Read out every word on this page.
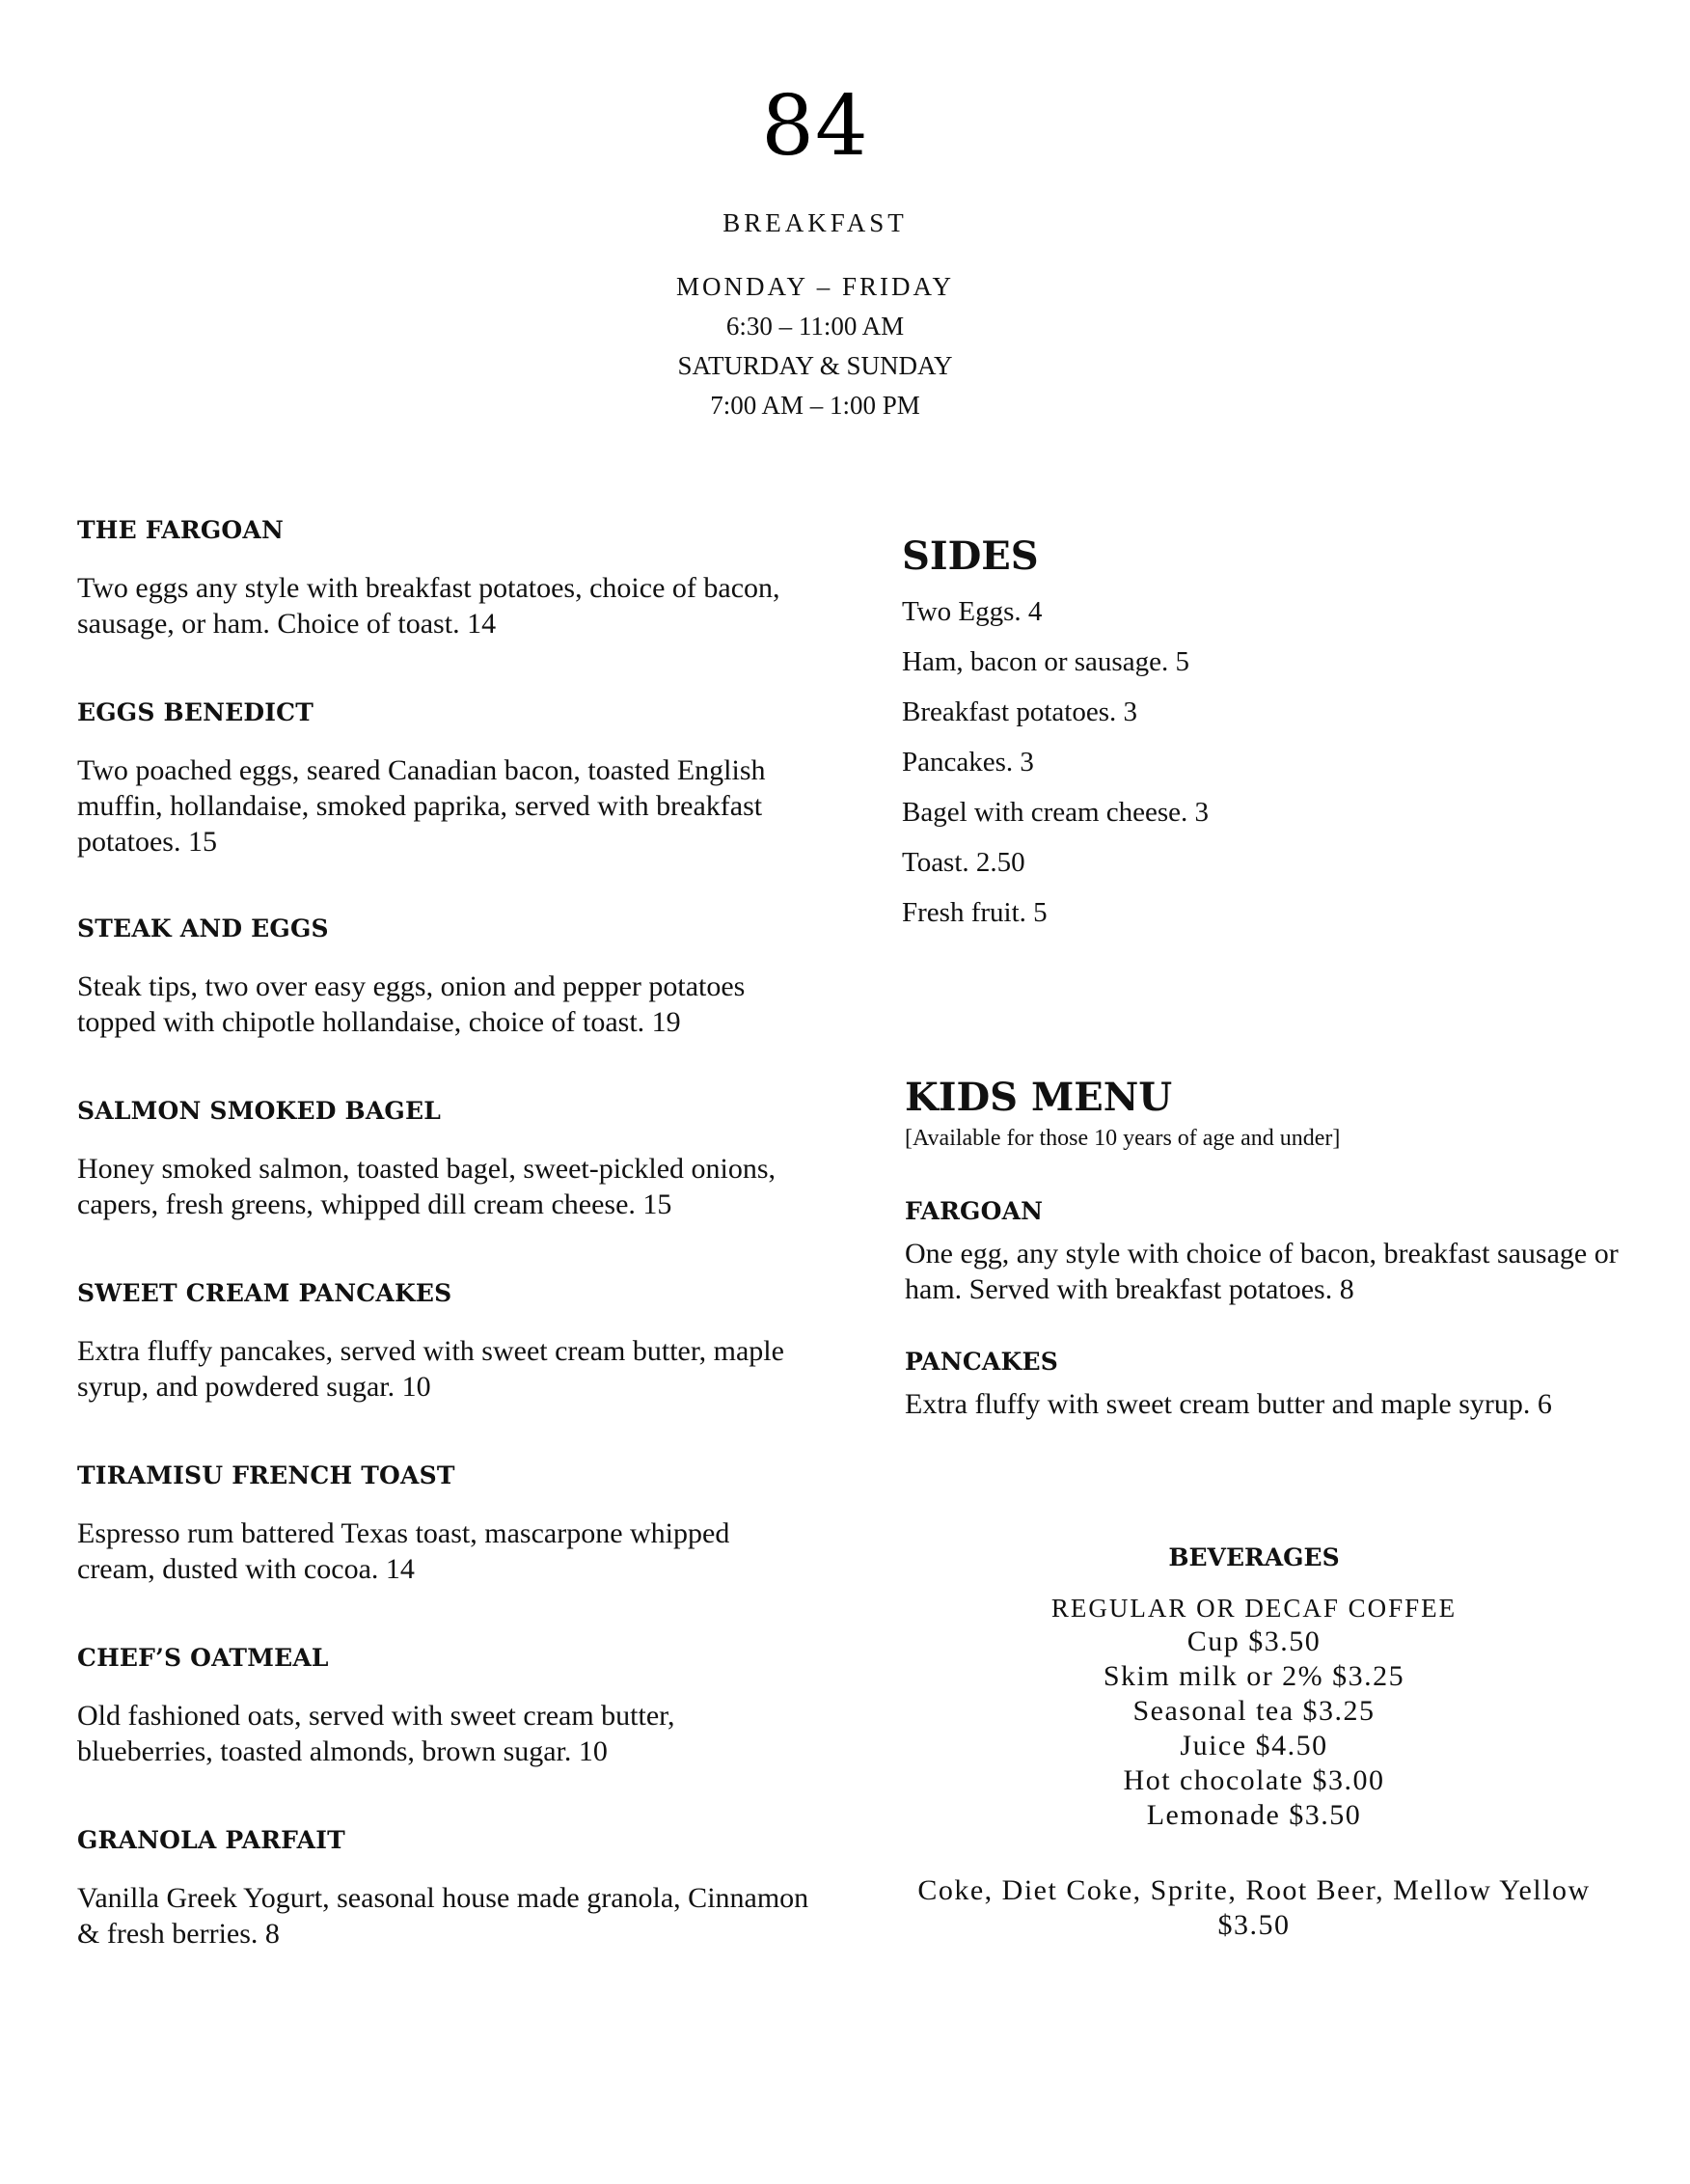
84
BREAKFAST
MONDAY – FRIDAY
6:30 – 11:00 AM
SATURDAY & SUNDAY
7:00 AM – 1:00 PM
THE FARGOAN
Two eggs any style with breakfast potatoes, choice of bacon, sausage, or ham. Choice of toast. 14
EGGS BENEDICT
Two poached eggs, seared Canadian bacon, toasted English muffin, hollandaise, smoked paprika, served with breakfast potatoes. 15
STEAK AND EGGS
Steak tips, two over easy eggs, onion and pepper potatoes topped with chipotle hollandaise, choice of toast. 19
SALMON SMOKED BAGEL
Honey smoked salmon, toasted bagel, sweet-pickled onions, capers, fresh greens, whipped dill cream cheese. 15
SWEET CREAM PANCAKES
Extra fluffy pancakes, served with sweet cream butter, maple syrup, and powdered sugar. 10
TIRAMISU FRENCH TOAST
Espresso rum battered Texas toast, mascarpone whipped cream, dusted with cocoa. 14
CHEF’S OATMEAL
Old fashioned oats, served with sweet cream butter, blueberries, toasted almonds, brown sugar. 10
GRANOLA PARFAIT
Vanilla Greek Yogurt, seasonal house made granola, Cinnamon & fresh berries. 8
SIDES
Two Eggs. 4
Ham, bacon or sausage. 5
Breakfast potatoes. 3
Pancakes. 3
Bagel with cream cheese. 3
Toast. 2.50
Fresh fruit. 5
KIDS MENU
[Available for those 10 years of age and under]
FARGOAN
One egg, any style with choice of bacon, breakfast sausage or ham. Served with breakfast potatoes. 8
PANCAKES
Extra fluffy with sweet cream butter and maple syrup. 6
BEVERAGES
REGULAR OR DECAF COFFEE
Cup $3.50
Skim milk or 2% $3.25
Seasonal tea $3.25
Juice $4.50
Hot chocolate $3.00
Lemonade $3.50
Coke, Diet Coke, Sprite, Root Beer, Mellow Yellow $3.50
